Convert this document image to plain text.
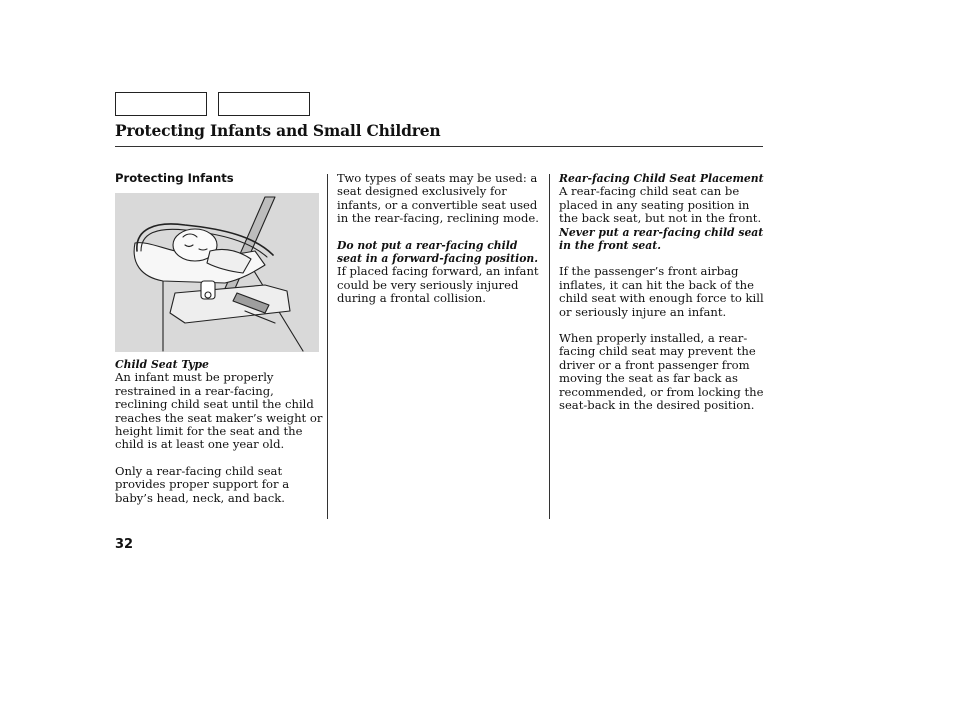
Protecting Infants and Small Children

Protecting Infants

Child Seat Type

An infant must be properly restrained in a rear-facing, reclining child seat until the child reaches the seat maker’s weight or height limit for the seat and the child is at least one year old.

Only a rear-facing child seat provides proper support for a baby’s head, neck, and back.

Two types of seats may be used: a seat designed exclusively for infants, or a convertible seat used in the rear-facing, reclining mode.

Do not put a rear-facing child seat in a forward-facing position. If placed facing forward, an infant could be very seriously injured during a frontal collision.

Rear-facing Child Seat Placement

A rear-facing child seat can be placed in any seating position in the back seat, but not in the front. Never put a rear-facing child seat in the front seat.

If the passenger’s front airbag inflates, it can hit the back of the child seat with enough force to kill or seriously injure an infant.

When properly installed, a rear-facing child seat may prevent the driver or a front passenger from moving the seat as far back as recommended, or from locking the seat-back in the desired position.

32
